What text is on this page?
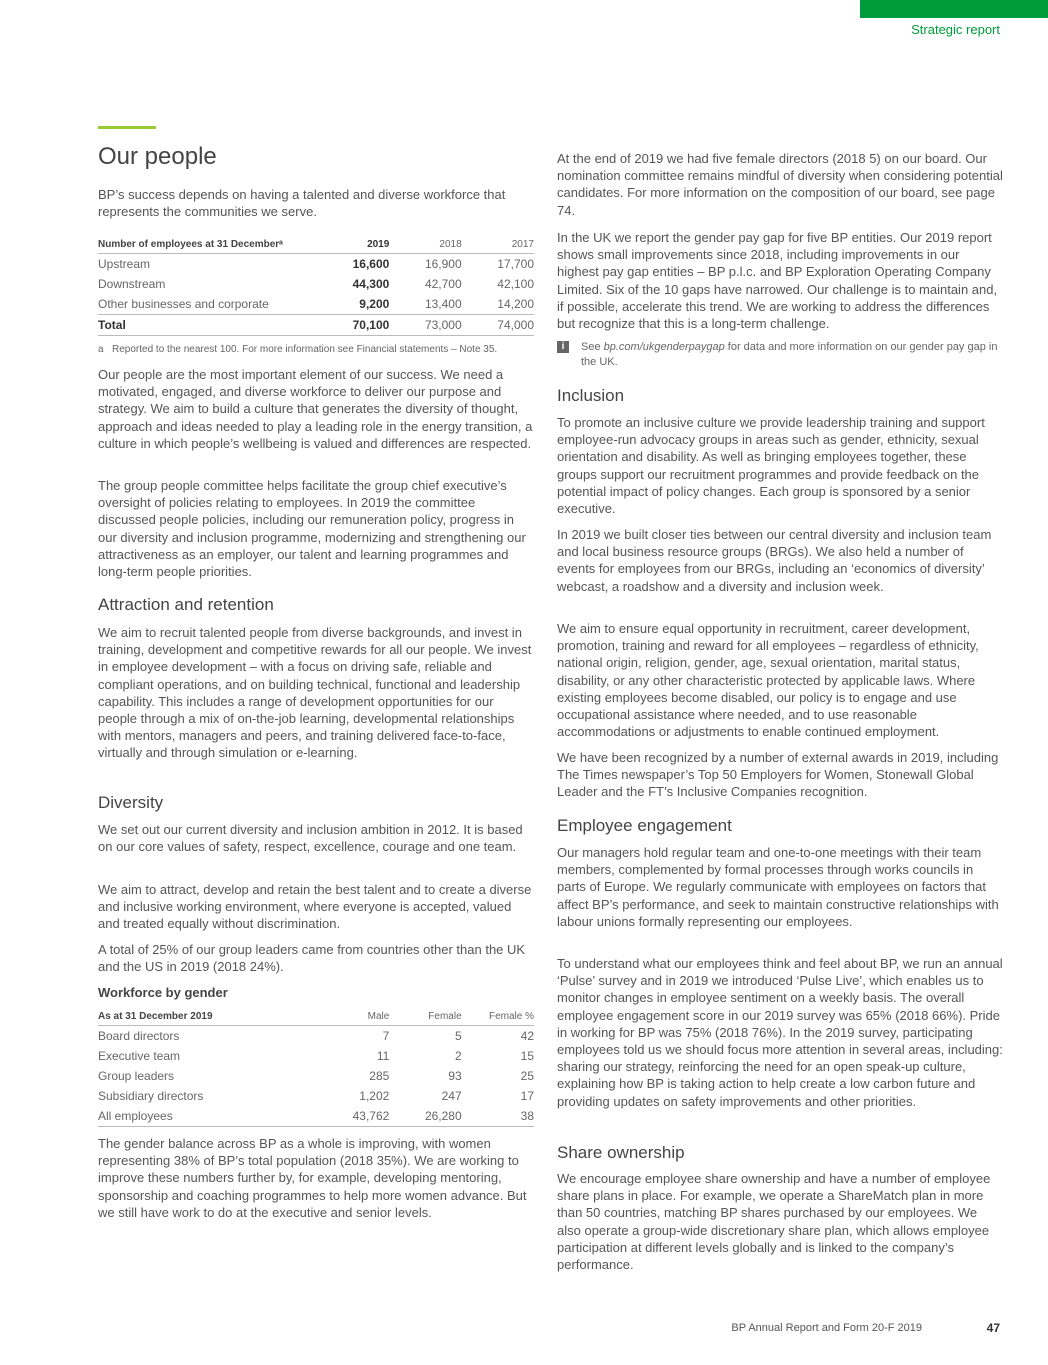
Strategic report
Our people

BP’s success depends on having a talented and diverse workforce that represents the communities we serve.

Number of employees at 31 Decemberᵃ	2019	2018	2017
Upstream	16,600	16,900	17,700
Downstream	44,300	42,700	42,100
Other businesses and corporate	9,200	13,400	14,200
Total	70,100	73,000	74,000
a Reported to the nearest 100. For more information see Financial statements – Note 35.

Our people are the most important element of our success. We need a motivated, engaged, and diverse workforce to deliver our purpose and strategy. We aim to build a culture that generates the diversity of thought, approach and ideas needed to play a leading role in the energy transition, a culture in which people’s wellbeing is valued and differences are respected.

The group people committee helps facilitate the group chief executive’s oversight of policies relating to employees. In 2019 the committee discussed people policies, including our remuneration policy, progress in our diversity and inclusion programme, modernizing and strengthening our attractiveness as an employer, our talent and learning programmes and long-term people priorities.

Attraction and retention

We aim to recruit talented people from diverse backgrounds, and invest in training, development and competitive rewards for all our people. We invest in employee development – with a focus on driving safe, reliable and compliant operations, and on building technical, functional and leadership capability. This includes a range of development opportunities for our people through a mix of on-the-job learning, developmental relationships with mentors, managers and peers, and training delivered face-to-face, virtually and through simulation or e-learning.

Diversity

We set out our current diversity and inclusion ambition in 2012. It is based on our core values of safety, respect, excellence, courage and one team.

We aim to attract, develop and retain the best talent and to create a diverse and inclusive working environment, where everyone is accepted, valued and treated equally without discrimination.

A total of 25% of our group leaders came from countries other than the UK and the US in 2019 (2018 24%).

Workforce by gender
As at 31 December 2019	Male	Female	Female %
Board directors	7	5	42
Executive team	11	2	15
Group leaders	285	93	25
Subsidiary directors	1,202	247	17
All employees	43,762	26,280	38

The gender balance across BP as a whole is improving, with women representing 38% of BP’s total population (2018 35%). We are working to improve these numbers further by, for example, developing mentoring, sponsorship and coaching programmes to help more women advance. But we still have work to do at the executive and senior levels.

At the end of 2019 we had five female directors (2018 5) on our board. Our nomination committee remains mindful of diversity when considering potential candidates. For more information on the composition of our board, see page 74.

In the UK we report the gender pay gap for five BP entities. Our 2019 report shows small improvements since 2018, including improvements in our highest pay gap entities – BP p.l.c. and BP Exploration Operating Company Limited. Six of the 10 gaps have narrowed. Our challenge is to maintain and, if possible, accelerate this trend. We are working to address the differences but recognize that this is a long-term challenge.

i	See bp.com/ukgenderpaygap for data and more information on our gender pay gap in the UK.
Inclusion

To promote an inclusive culture we provide leadership training and support employee-run advocacy groups in areas such as gender, ethnicity, sexual orientation and disability. As well as bringing employees together, these groups support our recruitment programmes and provide feedback on the potential impact of policy changes. Each group is sponsored by a senior executive.

In 2019 we built closer ties between our central diversity and inclusion team and local business resource groups (BRGs). We also held a number of events for employees from our BRGs, including an ‘economics of diversity’ webcast, a roadshow and a diversity and inclusion week.

We aim to ensure equal opportunity in recruitment, career development, promotion, training and reward for all employees – regardless of ethnicity, national origin, religion, gender, age, sexual orientation, marital status, disability, or any other characteristic protected by applicable laws. Where existing employees become disabled, our policy is to engage and use occupational assistance where needed, and to use reasonable accommodations or adjustments to enable continued employment.

We have been recognized by a number of external awards in 2019, including The Times newspaper’s Top 50 Employers for Women, Stonewall Global Leader and the FT’s Inclusive Companies recognition.

Employee engagement

Our managers hold regular team and one-to-one meetings with their team members, complemented by formal processes through works councils in parts of Europe. We regularly communicate with employees on factors that affect BP’s performance, and seek to maintain constructive relationships with labour unions formally representing our employees.

To understand what our employees think and feel about BP, we run an annual ‘Pulse’ survey and in 2019 we introduced ‘Pulse Live’, which enables us to monitor changes in employee sentiment on a weekly basis. The overall employee engagement score in our 2019 survey was 65% (2018 66%). Pride in working for BP was 75% (2018 76%). In the 2019 survey, participating employees told us we should focus more attention in several areas, including: sharing our strategy, reinforcing the need for an open speak-up culture, explaining how BP is taking action to help create a low carbon future and providing updates on safety improvements and other priorities.

Share ownership

We encourage employee share ownership and have a number of employee share plans in place. For example, we operate a ShareMatch plan in more than 50 countries, matching BP shares purchased by our employees. We also operate a group-wide discretionary share plan, which allows employee participation at different levels globally and is linked to the company’s performance.

BP Annual Report and Form 20-F 2019	47
